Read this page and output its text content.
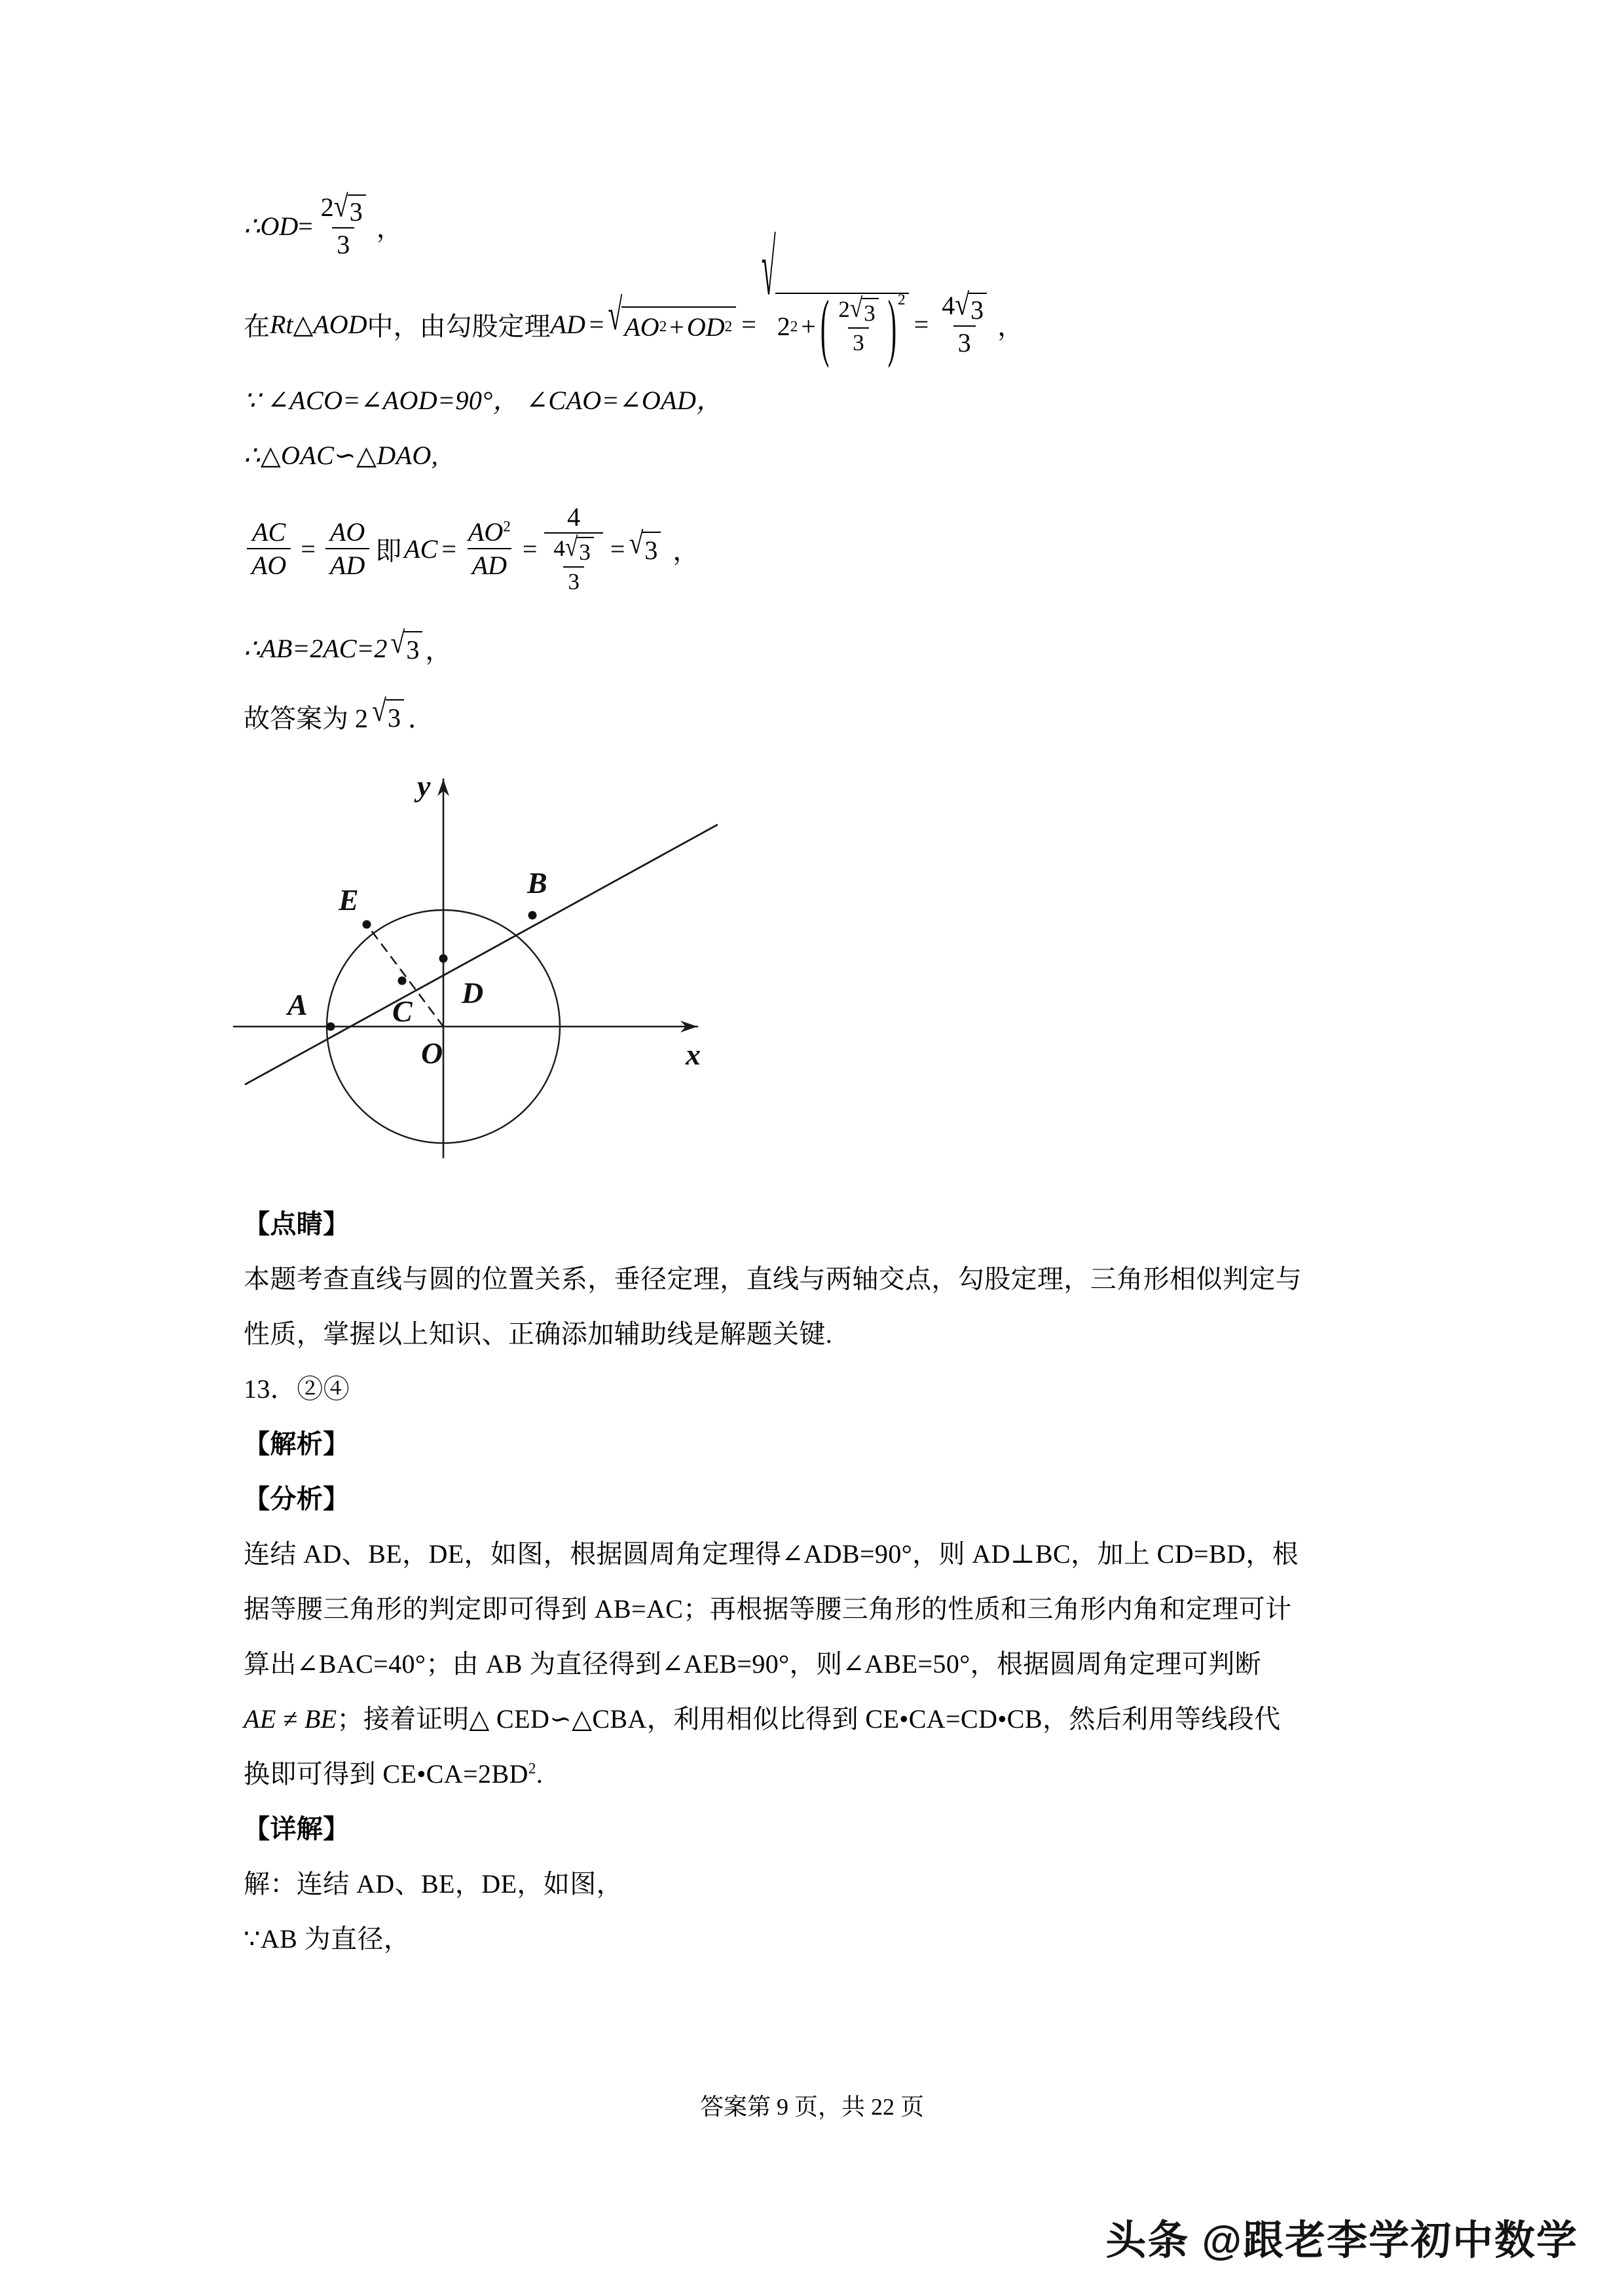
∴ OD = $\frac{2 √ 3}{3}$ ，
在 Rt△AOD 中，由勾股定理 AD = √ AO 2 + OD 2 =
√
2 2 + ( $\frac{2 √ 3}{3}$ ) 2
= $\frac{4 √ 3}{3}$ ，
∵ ∠ACO=∠AOD=90°， ∠CAO=∠OAD，
∴△OAC∽△DAO,
$\frac{AC}{AO} = \frac{AO}{AD}$ 即 AC = $\frac{AO^2}{AD} = \frac{4}{\frac{4 √ 3}{3}}$ = √ 3 ，
∴ AB=2AC=2 √ 3 ，
故答案为 2 √ 3 ．
y
x
A
B
C
D
E
O
【点睛】
本题考查直线与圆的位置关系，垂径定理，直线与两轴交点，勾股定理，三角形相似判定与
性质，掌握以上知识、正确添加辅助线是解题关键.
13．②④
【解析】
【分析】
连结 AD、BE，DE，如图，根据圆周角定理得∠ADB=90°，则 AD⊥BC，加上 CD=BD，根
据等腰三角形的判定即可得到 AB=AC；再根据等腰三角形的性质和三角形内角和定理可计
算出∠BAC=40°；由 AB 为直径得到∠AEB=90°，则∠ABE=50°，根据圆周角定理可判断
AE ≠ BE；接着证明△ CED∽△CBA，利用相似比得到 CE•CA=CD•CB，然后利用等线段代
换即可得到 $CE•CA=2BD^2$.
【详解】
解：连结 AD、BE，DE，如图，
∵AB 为直径，
答案第 9 页，共 22 页
头条 @跟老李学初中数学
